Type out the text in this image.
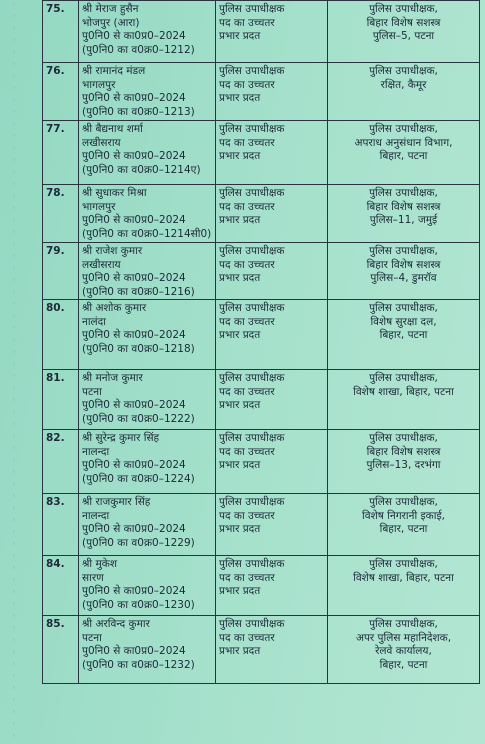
75.	श्री मेराज हुसैन
भोजपुर (आरा)
पु0नि0 से का0प्र0–2024
(पु0नि0 का व0क्र0–1212)	पुलिस उपाधीक्षक
पद का उच्चतर
प्रभार प्रदत	पुलिस उपाधीक्षक,
बिहार विशेष सशस्त्र
पुलिस–5, पटना

76.	श्री रामानंद मंडल
भागलपुर
पु0नि0 से का0प्र0–2024
(पु0नि0 का व0क्र0–1213)	पुलिस उपाधीक्षक
पद का उच्चतर
प्रभार प्रदत	पुलिस उपाधीक्षक,
रक्षित, कैमूर

77.	श्री बैद्यनाथ शर्मा
लखीसराय
पु0नि0 से का0प्र0–2024
(पु0नि0 का व0क्र0–1214ए)	पुलिस उपाधीक्षक
पद का उच्चतर
प्रभार प्रदत	पुलिस उपाधीक्षक,
अपराध अनुसंधान विभाग,
बिहार, पटना

78.	श्री सुधाकर मिश्रा
भागलपुर
पु0नि0 से का0प्र0–2024
(पु0नि0 का व0क्र0–1214सी0)	पुलिस उपाधीक्षक
पद का उच्चतर
प्रभार प्रदत	पुलिस उपाधीक्षक,
बिहार विशेष सशस्त्र
पुलिस–11, जमुई

79.	श्री राजेश कुमार
लखीसराय
पु0नि0 से का0प्र0–2024
(पु0नि0 का व0क्र0–1216)	पुलिस उपाधीक्षक
पद का उच्चतर
प्रभार प्रदत	पुलिस उपाधीक्षक,
बिहार विशेष सशस्त्र
पुलिस–4, डुमरॉव

80.	श्री अशोक कुमार
नालंदा
पु0नि0 से का0प्र0–2024
(पु0नि0 का व0क्र0–1218)	पुलिस उपाधीक्षक
पद का उच्चतर
प्रभार प्रदत	पुलिस उपाधीक्षक,
विशेष सुरक्षा दल,
बिहार, पटना

81.	श्री मनोज कुमार
पटना
पु0नि0 से का0प्र0–2024
(पु0नि0 का व0क्र0–1222)	पुलिस उपाधीक्षक
पद का उच्चतर
प्रभार प्रदत	पुलिस उपाधीक्षक,
विशेष शाखा, बिहार, पटना

82.	श्री सुरेन्द्र कुमार सिंह
नालन्दा
पु0नि0 से का0प्र0–2024
(पु0नि0 का व0क्र0–1224)	पुलिस उपाधीक्षक
पद का उच्चतर
प्रभार प्रदत	पुलिस उपाधीक्षक,
बिहार विशेष सशस्त्र
पुलिस–13, दरभंगा

83.	श्री राजकुमार सिंह
नालन्दा
पु0नि0 से का0प्र0–2024
(पु0नि0 का व0क्र0–1229)	पुलिस उपाधीक्षक
पद का उच्चतर
प्रभार प्रदत	पुलिस उपाधीक्षक,
विशेष निगरानी इकाई,
बिहार, पटना

84.	श्री मुकेश
सारण
पु0नि0 से का0प्र0–2024
(पु0नि0 का व0क्र0–1230)	पुलिस उपाधीक्षक
पद का उच्चतर
प्रभार प्रदत	पुलिस उपाधीक्षक,
विशेष शाखा, बिहार, पटना

85.	श्री अरविन्द कुमार
पटना
पु0नि0 से का0प्र0–2024
(पु0नि0 का व0क्र0–1232)	पुलिस उपाधीक्षक
पद का उच्चतर
प्रभार प्रदत	पुलिस उपाधीक्षक,
अपर पुलिस महानिदेशक,
रेलवे कार्यालय,
बिहार, पटना
